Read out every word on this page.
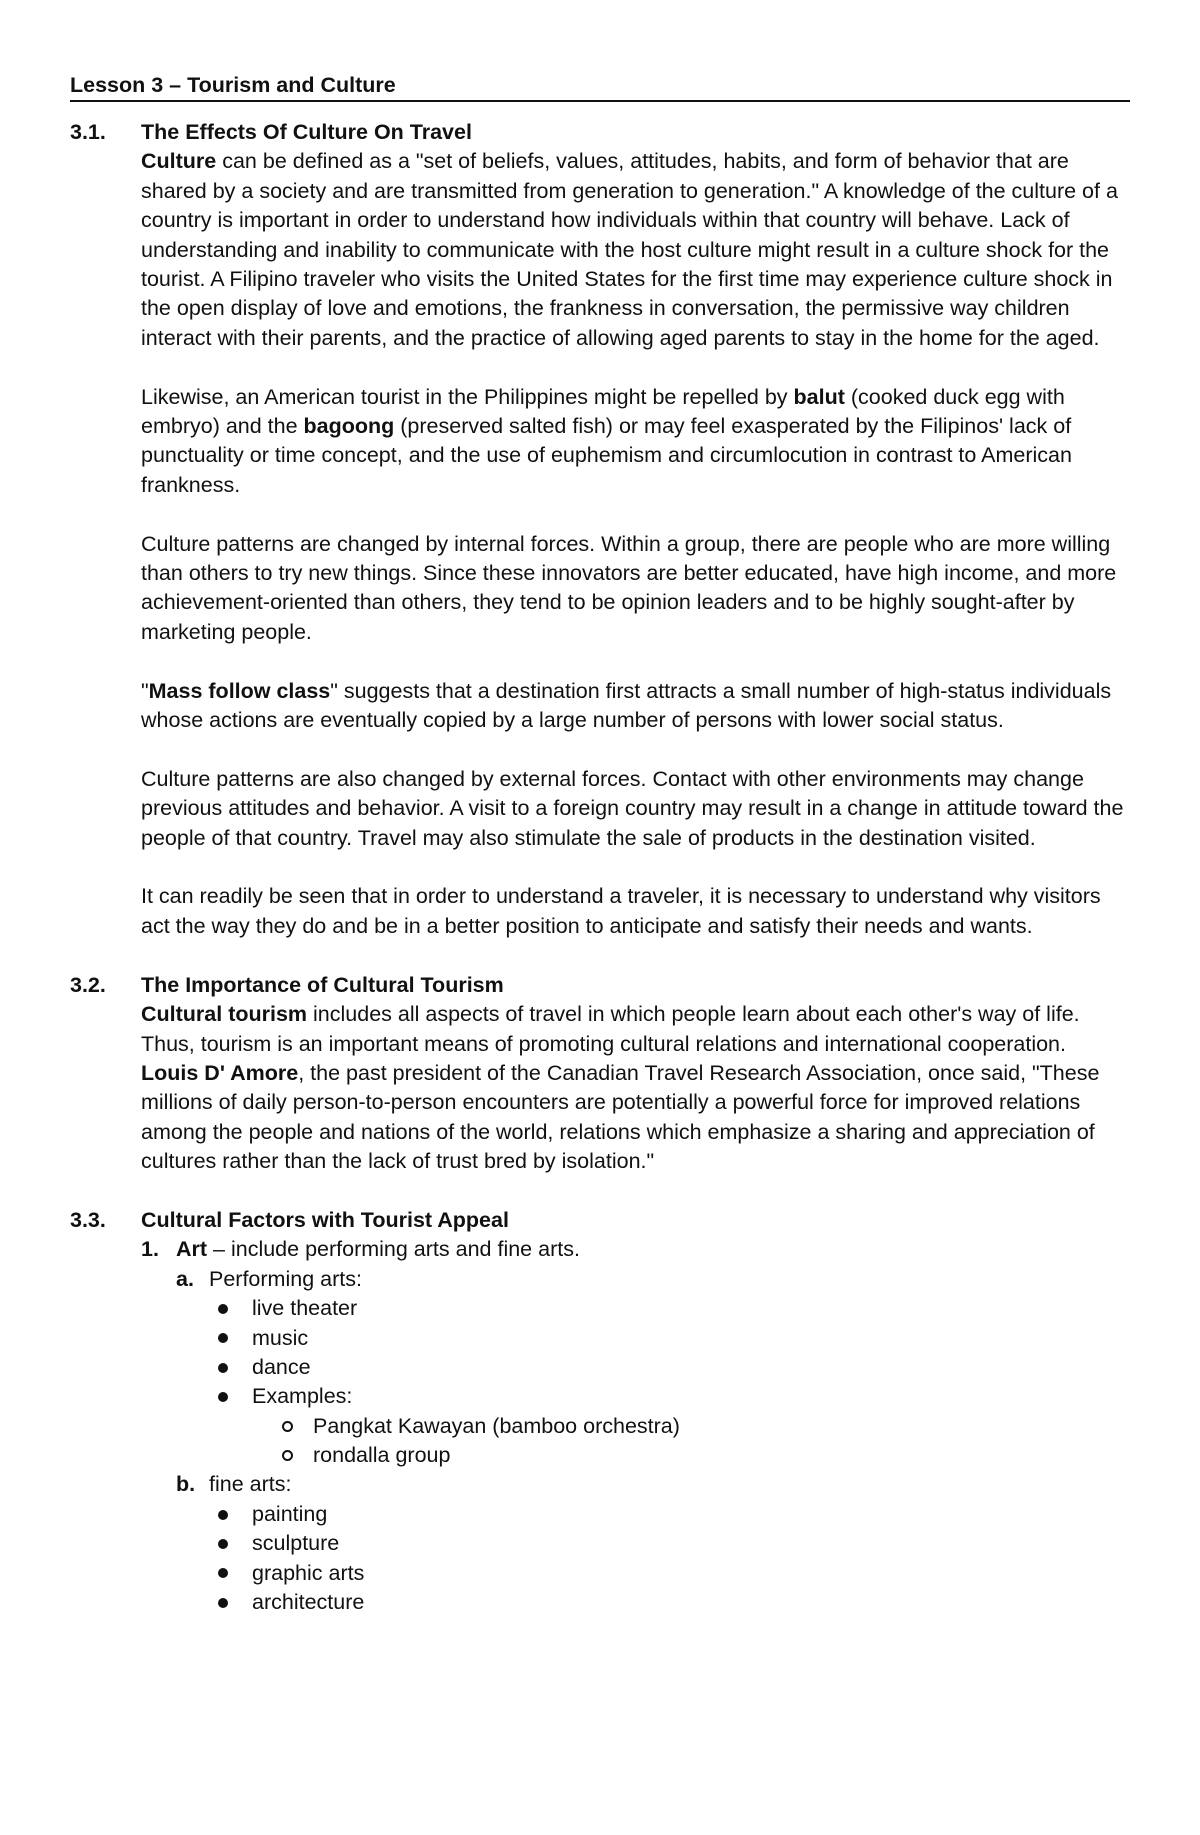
Lesson 3 – Tourism and Culture
3.1.	The Effects Of Culture On Travel

Culture can be defined as a "set of beliefs, values, attitudes, habits, and form of behavior that are shared by a society and are transmitted from generation to generation." A knowledge of the culture of a country is important in order to understand how individuals within that country will behave. Lack of understanding and inability to communicate with the host culture might result in a culture shock for the tourist. A Filipino traveler who visits the United States for the first time may experience culture shock in the open display of love and emotions, the frankness in conversation, the permissive way children interact with their parents, and the practice of allowing aged parents to stay in the home for the aged.

Likewise, an American tourist in the Philippines might be repelled by balut (cooked duck egg with embryo) and the bagoong (preserved salted fish) or may feel exasperated by the Filipinos' lack of punctuality or time concept, and the use of euphemism and circumlocution in contrast to American frankness.

Culture patterns are changed by internal forces. Within a group, there are people who are more willing than others to try new things. Since these innovators are better educated, have high income, and more achievement-oriented than others, they tend to be opinion leaders and to be highly sought-after by marketing people.

"Mass follow class" suggests that a destination first attracts a small number of high-status individuals whose actions are eventually copied by a large number of persons with lower social status.

Culture patterns are also changed by external forces. Contact with other environments may change previous attitudes and behavior. A visit to a foreign country may result in a change in attitude toward the people of that country. Travel may also stimulate the sale of products in the destination visited.

It can readily be seen that in order to understand a traveler, it is necessary to understand why visitors act the way they do and be in a better position to anticipate and satisfy their needs and wants.

3.2.	The Importance of Cultural Tourism

Cultural tourism includes all aspects of travel in which people learn about each other's way of life. Thus, tourism is an important means of promoting cultural relations and international cooperation.

Louis D' Amore, the past president of the Canadian Travel Research Association, once said, "These millions of daily person-to-person encounters are potentially a powerful force for improved relations among the people and nations of the world, relations which emphasize a sharing and appreciation of cultures rather than the lack of trust bred by isolation."

3.3.	Cultural Factors with Tourist Appeal
1. Art – include performing arts and fine arts.
a. Performing arts:
live theater
music
dance
Examples:
Pangkat Kawayan (bamboo orchestra)
rondalla group
b. fine arts:
painting
sculpture
graphic arts
architecture
